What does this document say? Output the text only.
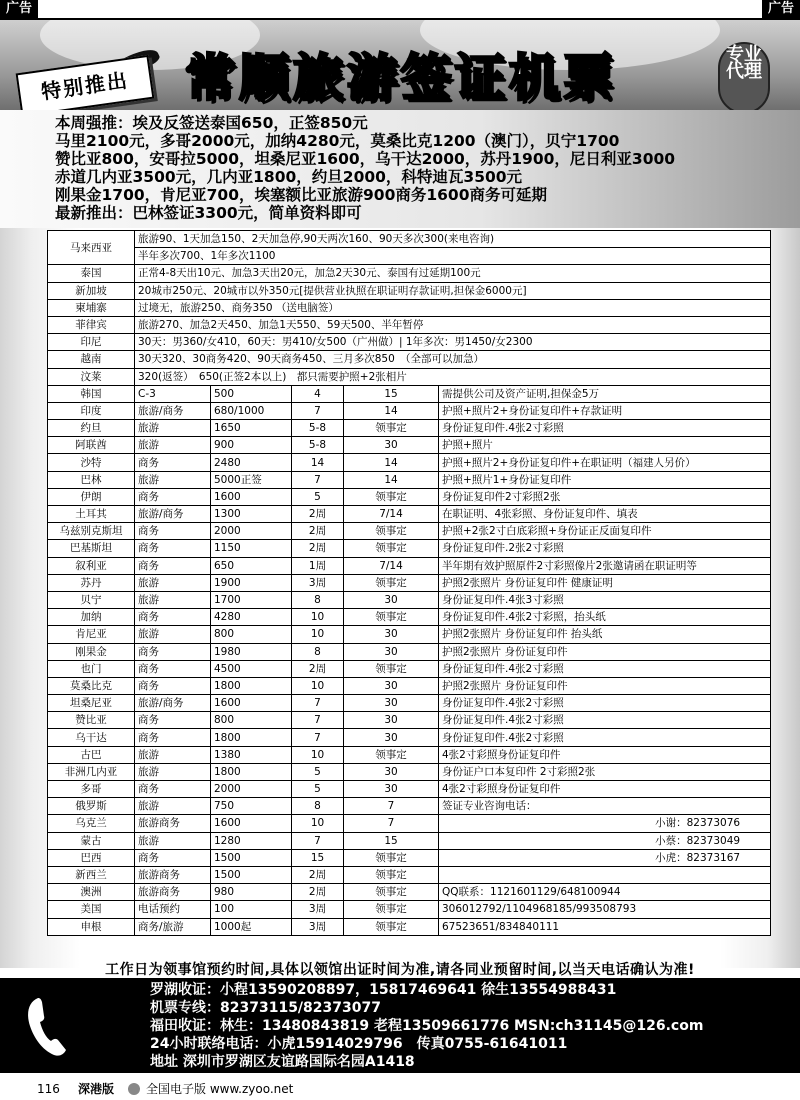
广告	广告
特别推出	常顺旅游签证机票	专业代理
本周强推：埃及反签送泰国650，正签850元
马里2100元，多哥2000元，加纳4280元，莫桑比克1200（澳门），贝宁1700
赞比亚800，安哥拉5000，坦桑尼亚1600，乌干达2000，苏丹1900，尼日利亚3000
赤道几内亚3500元，几内亚1800，约旦2000，科特迪瓦3500元
刚果金1700，肯尼亚700，埃塞额比亚旅游900商务1600商务可延期
最新推出：巴林签证3300元，简单资料即可
马来西亚	旅游90、1天加急150、2天加急停,90天两次160、90天多次300(来电咨询)				
	半年多次700、1年多次1100				
泰国	正常4-8天出10元、加急3天出20元，加急2天30元、泰国有过延期100元				
新加坡	20城市250元、20城市以外350元[提供营业执照在职证明存款证明,担保金6000元]				
柬埔寨	过境无，旅游250、商务350 （送电脑签）				
菲律宾	旅游270、加急2天450、加急1天550、59天500、半年暂停				
印尼	30天：男360/女410，60天：男410/女500（广州做）| 1年多次：男1450/女2300				
越南	30天320、30商务420、90天商务450、三月多次850　（全部可以加急）				
汶莱	320(返签）　650(正签2本以上)　都只需要护照+2张相片				
韩国	C-3	500	4	15	需提供公司及资产证明,担保金5万
印度	旅游/商务	680/1000	7	14	护照+照片2+身份证复印件+存款证明
约旦	旅游	1650	5-8	领事定	身份证复印件.4张2寸彩照
阿联酋	旅游	900	5-8	30	护照+照片
沙特	商务	2480	14	14	护照+照片2+身份证复印件+在职证明（福建人另价）
巴林	旅游	5000正签	7	14	护照+照片1+身份证复印件
伊朗	商务	1600	5	领事定	身份证复印件2寸彩照2张
土耳其	旅游/商务	1300	2周	7/14	在职证明、4张彩照、身份证复印件、填表
乌兹别克斯坦	商务	2000	2周	领事定	护照+2张2寸白底彩照+身份证正反面复印件
巴基斯坦	商务	1150	2周	领事定	身份证复印件.2张2寸彩照
叙利亚	商务	650	1周	7/14	半年期有效护照原件2寸彩照像片2张邀请函在职证明等
苏丹	旅游	1900	3周	领事定	护照2张照片 身份证复印件 健康证明
贝宁	旅游	1700	8	30	身份证复印件.4张3寸彩照
加纳	商务	4280	10	领事定	身份证复印件.4张2寸彩照，抬头纸
肯尼亚	旅游	800	10	30	护照2张照片 身份证复印件 抬头纸
刚果金	商务	1980	8	30	护照2张照片 身份证复印件
也门	商务	4500	2周	领事定	身份证复印件.4张2寸彩照
莫桑比克	商务	1800	10	30	护照2张照片 身份证复印件
坦桑尼亚	旅游/商务	1600	7	30	身份证复印件.4张2寸彩照
赞比亚	商务	800	7	30	身份证复印件.4张2寸彩照
乌干达	商务	1800	7	30	身份证复印件.4张2寸彩照
古巴	旅游	1380	10	领事定	4张2寸彩照身份证复印件
非洲几内亚	旅游	1800	5	30	身份证户口本复印件 2寸彩照2张
多哥	商务	2000	5	30	4张2寸彩照身份证复印件
俄罗斯	旅游	750	8	7	签证专业咨询电话：
乌克兰	旅游商务	1600	10	7	小谢：82373076
蒙古	旅游	1280	7	15	小蔡：82373049
巴西	商务	1500	15	领事定	小虎：82373167
新西兰	旅游商务	1500	2周	领事定	
澳洲	旅游商务	980	2周	领事定	QQ联系：1121601129/648100944
美国	电话预约	100	3周	领事定	306012792/1104968185/993508793
申根	商务/旅游	1000起	3周	领事定	67523651/834840111
工作日为领事馆预约时间,具体以领馆出证时间为准,请各同业预留时间,以当天电话确认为准!
罗湖收证：小程13590208897，15817469641 徐生13554988431
机票专线：82373115/82373077
福田收证：林生：13480843819 老程13509661776 MSN:ch31145@126.com
24小时联络电话：小虎15914029796　传真0755-61641011
地址 深圳市罗湖区友谊路国际名园A1418
116 深港版	全国电子版 www.zyoo.net
